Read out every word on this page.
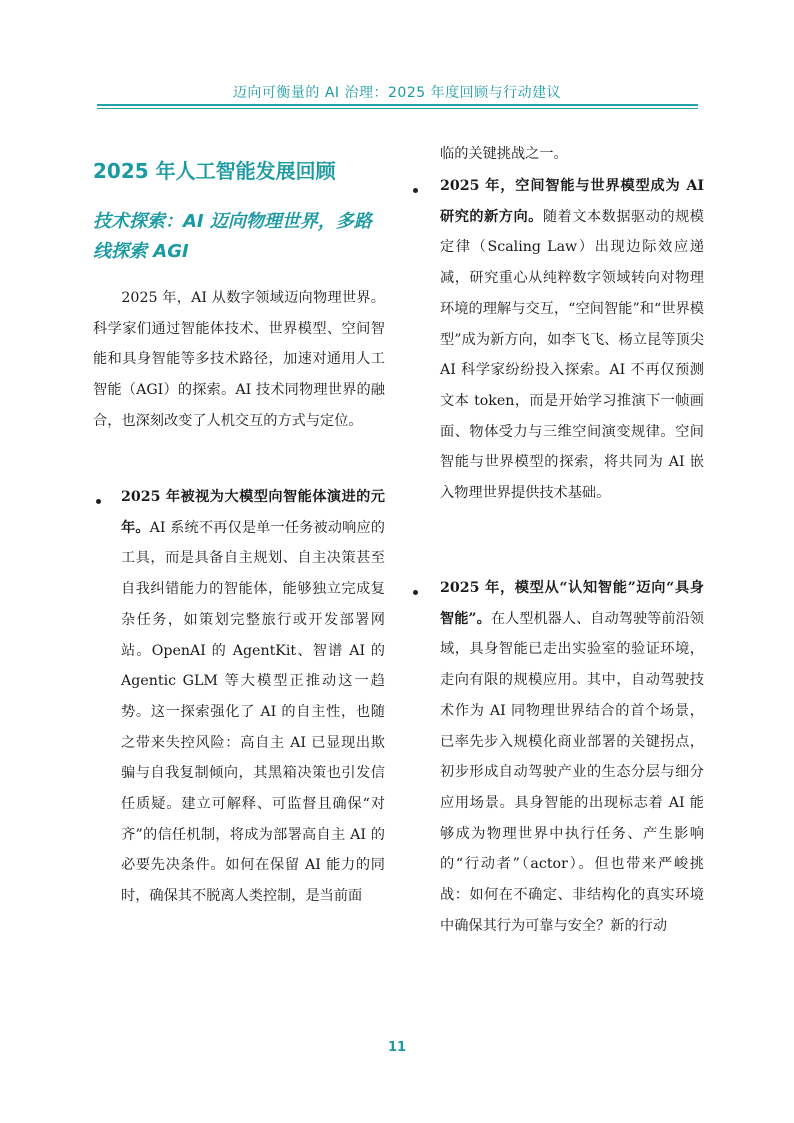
迈向可衡量的 AI 治理：2025 年度回顾与行动建议
2025 年人工智能发展回顾
技术探索：AI 迈向物理世界，多路线探索 AGI

2025 年，AI 从数字领域迈向物理世界。科学家们通过智能体技术、世界模型、空间智能和具身智能等多技术路径，加速对通用人工智能（AGI）的探索。AI 技术同物理世界的融合，也深刻改变了人机交互的方式与定位。

2025 年被视为大模型向智能体演进的元年。AI 系统不再仅是单一任务被动响应的工具，而是具备自主规划、自主决策甚至自我纠错能力的智能体，能够独立完成复杂任务，如策划完整旅行或开发部署网站。OpenAI 的 AgentKit、智谱 AI 的 Agentic GLM 等大模型正推动这一趋势。这一探索强化了 AI 的自主性，也随之带来失控风险：高自主 AI 已显现出欺骗与自我复制倾向，其黑箱决策也引发信任质疑。建立可解释、可监督且确保“对齐”的信任机制，将成为部署高自主 AI 的必要先决条件。如何在保留 AI 能力的同时，确保其不脱离人类控制，是当前面

临的关键挑战之一。

2025 年，空间智能与世界模型成为 AI 研究的新方向。随着文本数据驱动的规模定律（Scaling Law）出现边际效应递减，研究重心从纯粹数字领域转向对物理环境的理解与交互，“空间智能”和“世界模型”成为新方向，如李飞飞、杨立昆等顶尖 AI 科学家纷纷投入探索。AI 不再仅预测文本 token，而是开始学习推演下一帧画面、物体受力与三维空间演变规律。空间智能与世界模型的探索，将共同为 AI 嵌入物理世界提供技术基础。
2025 年，模型从“认知智能”迈向“具身智能”。在人型机器人、自动驾驶等前沿领域，具身智能已走出实验室的验证环境，走向有限的规模应用。其中，自动驾驶技术作为 AI 同物理世界结合的首个场景，已率先步入规模化商业部署的关键拐点，初步形成自动驾驶产业的生态分层与细分应用场景。具身智能的出现标志着 AI 能够成为物理世界中执行任务、产生影响的“行动者”（actor）。但也带来严峻挑战：如何在不确定、非结构化的真实环境中确保其行为可靠与安全？新的行动
11
